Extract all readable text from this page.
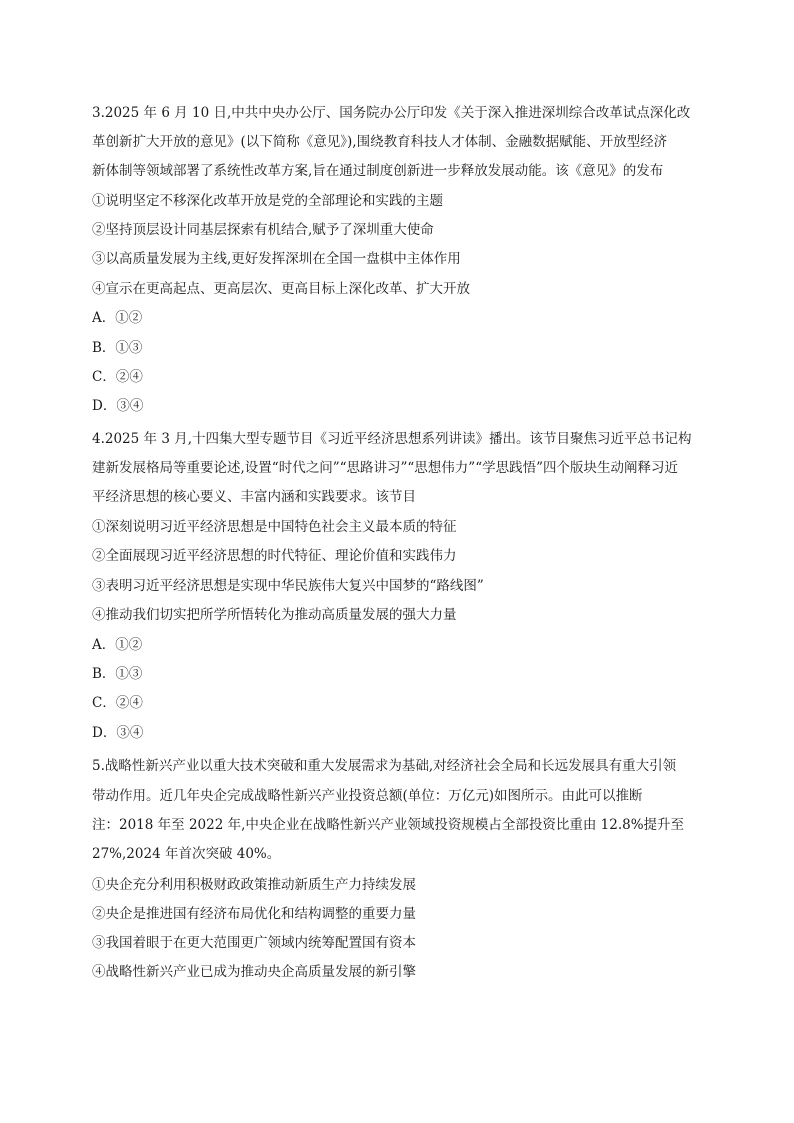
3.2025 年 6 月 10 日,中共中央办公厅、国务院办公厅印发《关于深入推进深圳综合改革试点深化改
革创新扩大开放的意见》(以下简称《意见》),围绕教育科技人才体制、金融数据赋能、开放型经济
新体制等领域部署了系统性改革方案,旨在通过制度创新进一步释放发展动能。该《意见》的发布
①说明坚定不移深化改革开放是党的全部理论和实践的主题
②坚持顶层设计同基层探索有机结合,赋予了深圳重大使命
③以高质量发展为主线,更好发挥深圳在全国一盘棋中主体作用
④宣示在更高起点、更高层次、更高目标上深化改革、扩大开放
A．①②
B．①③
C．②④
D．③④
4.2025 年 3 月,十四集大型专题节目《习近平经济思想系列讲读》播出。该节目聚焦习近平总书记构
建新发展格局等重要论述,设置“时代之问”“思路讲习”“思想伟力”“学思践悟”四个版块生动阐释习近
平经济思想的核心要义、丰富内涵和实践要求。该节目
①深刻说明习近平经济思想是中国特色社会主义最本质的特征
②全面展现习近平经济思想的时代特征、理论价值和实践伟力
③表明习近平经济思想是实现中华民族伟大复兴中国梦的“路线图”
④推动我们切实把所学所悟转化为推动高质量发展的强大力量
A．①②
B．①③
C．②④
D．③④
5.战略性新兴产业以重大技术突破和重大发展需求为基础,对经济社会全局和长远发展具有重大引领
带动作用。近几年央企完成战略性新兴产业投资总额(单位：万亿元)如图所示。由此可以推断
注：2018 年至 2022 年,中央企业在战略性新兴产业领域投资规模占全部投资比重由 12.8%提升至
27%,2024 年首次突破 40%。
①央企充分利用积极财政政策推动新质生产力持续发展
②央企是推进国有经济布局优化和结构调整的重要力量
③我国着眼于在更大范围更广领域内统筹配置国有资本
④战略性新兴产业已成为推动央企高质量发展的新引擎
